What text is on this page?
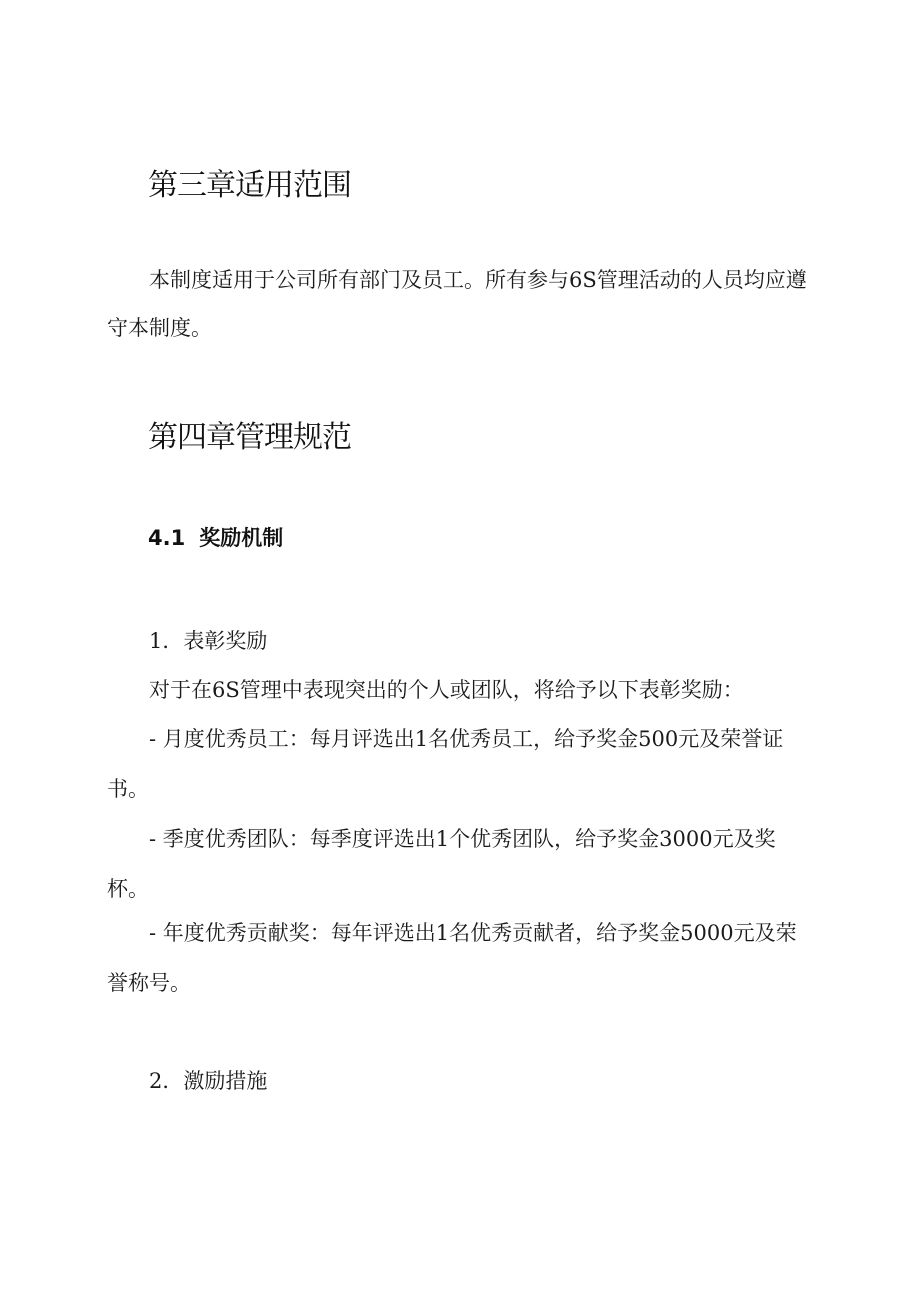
第三章适用范围

本制度适用于公司所有部门及员工。所有参与6S管理活动的人员均应遵守本制度。

第四章管理规范
4.1 奖励机制

1．表彰奖励

对于在6S管理中表现突出的个人或团队，将给予以下表彰奖励：

- 月度优秀员工：每月评选出1名优秀员工，给予奖金500元及荣誉证书。

- 季度优秀团队：每季度评选出1个优秀团队，给予奖金3000元及奖杯。

- 年度优秀贡献奖：每年评选出1名优秀贡献者，给予奖金5000元及荣誉称号。

2．激励措施
